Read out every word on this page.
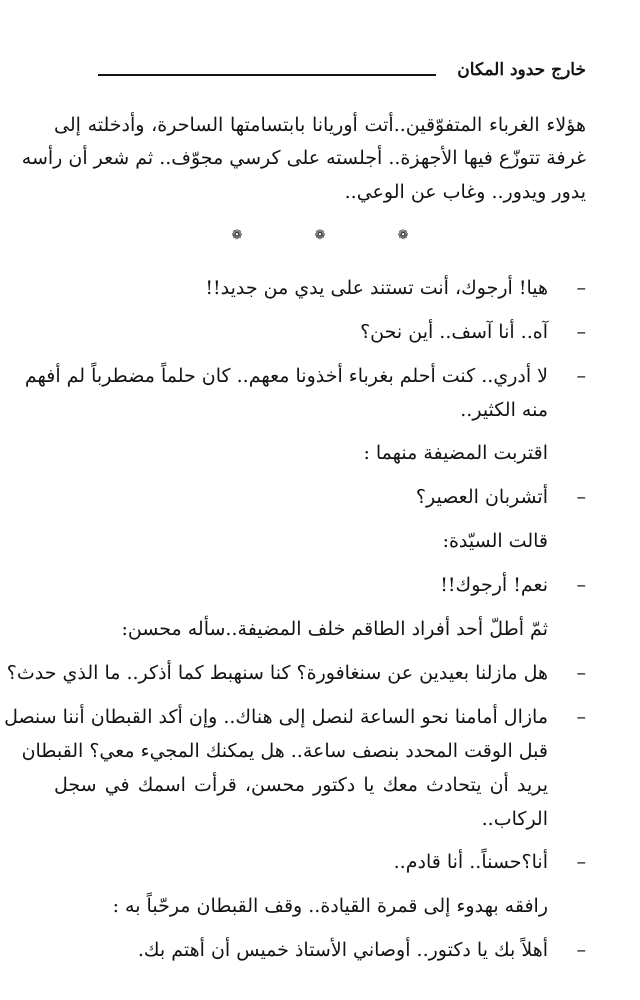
خارج حدود المكان
هؤلاء الغرباء المتفوّقين..أتت أوريانا بابتسامتها الساحرة، وأدخلته إلى
غرفة تتوزّع فيها الأجهزة.. أجلسته على كرسي مجوّف.. ثم شعر أن رأسه
يدور ويدور.. وغاب عن الوعي..
❁ ❁ ❁
–
هيا! أرجوك، أنت تستند على يدي من جديد!!
–
آه.. أنا آسف.. أين نحن؟
–
لا أدري.. كنت أحلم بغرباء أخذونا معهم.. كان حلماً مضطرباً لم أفهم
منه الكثير..
اقتربت المضيفة منهما :
–
أتشربان العصير؟
قالت السيّدة:
–
نعم! أرجوك!!
ثمّ أطلّ أحد أفراد الطاقم خلف المضيفة..سأله محسن:
–
هل مازلنا بعيدين عن سنغافورة؟ كنا سنهبط كما أذكر.. ما الذي حدث؟
–
مازال أمامنا نحو الساعة لنصل إلى هناك.. وإن أكد القبطان أننا سنصل
قبل الوقت المحدد بنصف ساعة.. هل يمكنك المجيء معي؟ القبطان
يريد أن يتحادث معك يا دكتور محسن، قرأت اسمك في سجل
الركاب..
–
أنا؟حسناً.. أنا قادم..
رافقه بهدوء إلى قمرة القيادة.. وقف القبطان مرحّباً به :
–
أهلاً بك يا دكتور.. أوصاني الأستاذ خميس أن أهتم بك.
